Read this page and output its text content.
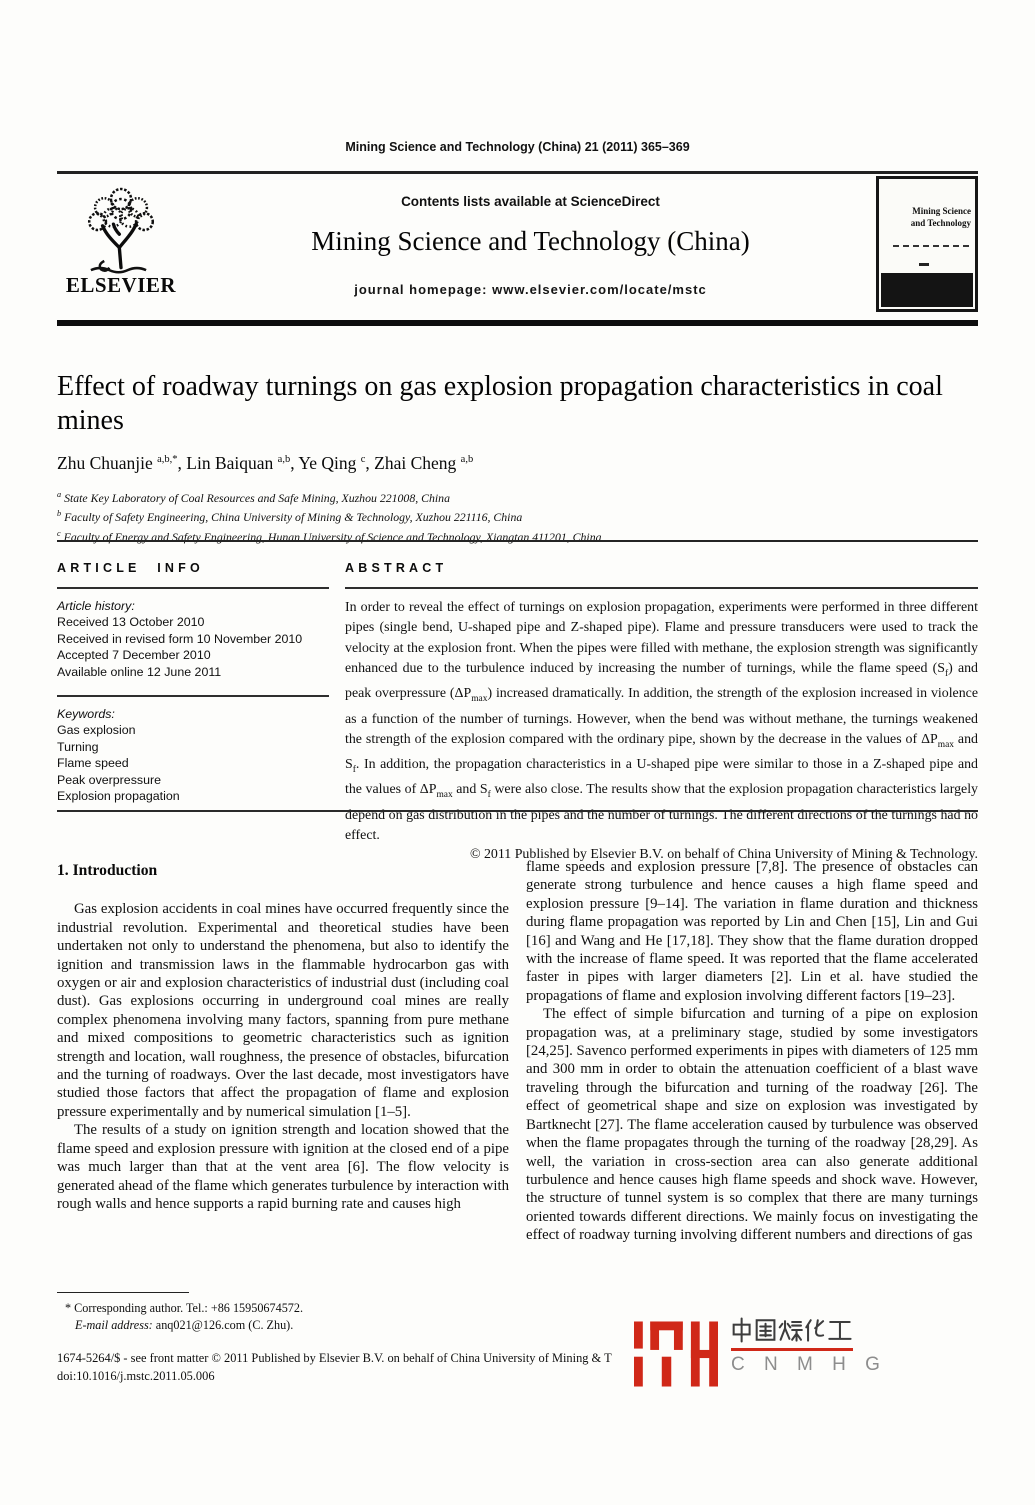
Mining Science and Technology (China) 21 (2011) 365–369
ELSEVIER
Contents lists available at ScienceDirect
Mining Science and Technology (China)
journal homepage: www.elsevier.com/locate/mstc
Mining Science and Technology
Effect of roadway turnings on gas explosion propagation characteristics in coal mines
Zhu Chuanjie $^{a,b,*}$, Lin Baiquan $^{a,b}$, Ye Qing $^c$, Zhai Cheng $^{a,b}$
$^a$ State Key Laboratory of Coal Resources and Safe Mining, Xuzhou 221008, China
$^b$ Faculty of Safety Engineering, China University of Mining & Technology, Xuzhou 221116, China
$^c$ Faculty of Energy and Safety Engineering, Hunan University of Science and Technology, Xiangtan 411201, China
ARTICLE INFO
Article history:
Received 13 October 2010
Received in revised form 10 November 2010
Accepted 7 December 2010
Available online 12 June 2011
Keywords:
Gas explosion
Turning
Flame speed
Peak overpressure
Explosion propagation
ABSTRACT
In order to reveal the effect of turnings on explosion propagation, experiments were performed in three different pipes (single bend, U-shaped pipe and Z-shaped pipe). Flame and pressure transducers were used to track the velocity at the explosion front. When the pipes were filled with methane, the explosion strength was significantly enhanced due to the turbulence induced by increasing the number of turnings, while the flame speed $(S_f)$ and peak overpressure $(\Delta P_{max})$ increased dramatically. In addition, the strength of the explosion increased in violence as a function of the number of turnings. However, when the bend was without methane, the turnings weakened the strength of the explosion compared with the ordinary pipe, shown by the decrease in the values of $\Delta P_{max}$ and $S_f$. In addition, the propagation characteristics in a U-shaped pipe were similar to those in a Z-shaped pipe and the values of $\Delta P_{max}$ and $S_f$ were also close. The results show that the explosion propagation characteristics largely depend on gas distribution in the pipes and the number of turnings. The different directions of the turnings had no effect.
© 2011 Published by Elsevier B.V. on behalf of China University of Mining & Technology.
1. Introduction

Gas explosion accidents in coal mines have occurred frequently since the industrial revolution. Experimental and theoretical studies have been undertaken not only to understand the phenomena, but also to identify the ignition and transmission laws in the flammable hydrocarbon gas with oxygen or air and explosion characteristics of industrial dust (including coal dust). Gas explosions occurring in underground coal mines are really complex phenomena involving many factors, spanning from pure methane and mixed compositions to geometric characteristics such as ignition strength and location, wall roughness, the presence of obstacles, bifurcation and the turning of roadways. Over the last decade, most investigators have studied those factors that affect the propagation of flame and explosion pressure experimentally and by numerical simulation [1–5].

The results of a study on ignition strength and location showed that the flame speed and explosion pressure with ignition at the closed end of a pipe was much larger than that at the vent area [6]. The flow velocity is generated ahead of the flame which generates turbulence by interaction with rough walls and hence supports a rapid burning rate and causes high

flame speeds and explosion pressure [7,8]. The presence of obstacles can generate strong turbulence and hence causes a high flame speed and explosion pressure [9–14]. The variation in flame duration and thickness during flame propagation was reported by Lin and Chen [15], Lin and Gui [16] and Wang and He [17,18]. They show that the flame duration dropped with the increase of flame speed. It was reported that the flame accelerated faster in pipes with larger diameters [2]. Lin et al. have studied the propagations of flame and explosion involving different factors [19–23].

The effect of simple bifurcation and turning of a pipe on explosion propagation was, at a preliminary stage, studied by some investigators [24,25]. Savenco performed experiments in pipes with diameters of 125 mm and 300 mm in order to obtain the attenuation coefficient of a blast wave traveling through the bifurcation and turning of the roadway [26]. The effect of geometrical shape and size on explosion was investigated by Bartknecht [27]. The flame acceleration caused by turbulence was observed when the flame propagates through the turning of the roadway [28,29]. As well, the variation in cross-section area can also generate additional turbulence and hence causes high flame speeds and shock wave. However, the structure of tunnel system is so complex that there are many turnings oriented towards different directions. We mainly focus on investigating the effect of roadway turning involving different numbers and directions of gas

* Corresponding author. Tel.: +86 15950674572.
E-mail address: anq021@126.com (C. Zhu).
1674-5264/$ - see front matter © 2011 Published by Elsevier B.V. on behalf of China University of Mining & T
doi:10.1016/j.mstc.2011.05.006
C N M H G
